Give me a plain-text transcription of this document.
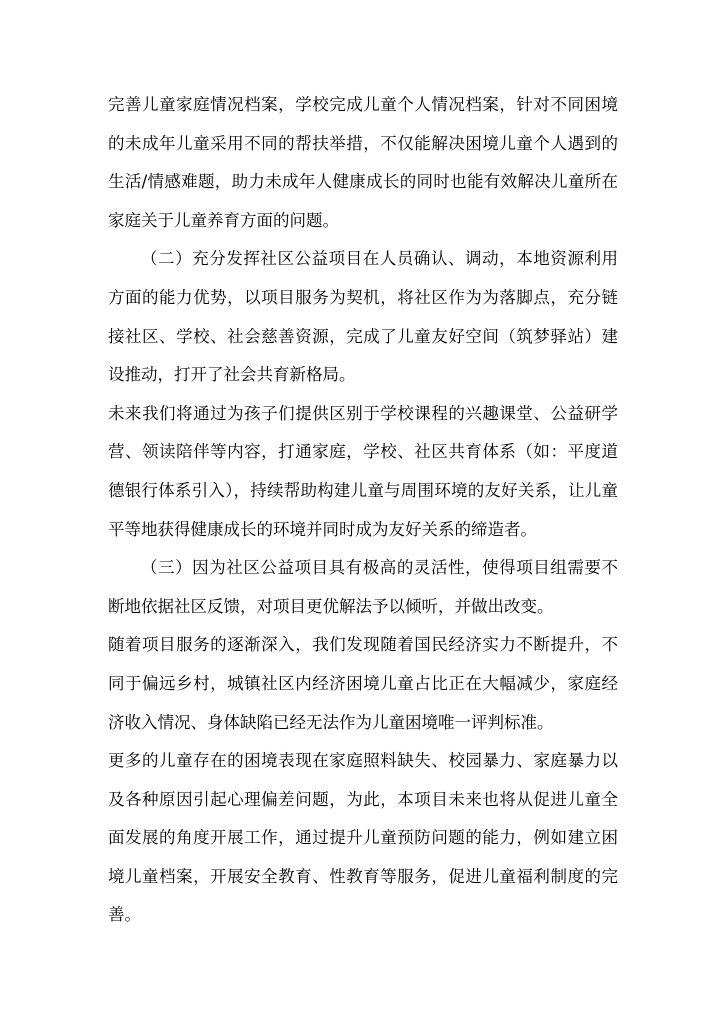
完善儿童家庭情况档案，学校完成儿童个人情况档案，针对不同困境的未成年儿童采用不同的帮扶举措，不仅能解决困境儿童个人遇到的生活/情感难题，助力未成年人健康成长的同时也能有效解决儿童所在家庭关于儿童养育方面的问题。

（二）充分发挥社区公益项目在人员确认、调动，本地资源利用方面的能力优势，以项目服务为契机，将社区作为为落脚点，充分链接社区、学校、社会慈善资源，完成了儿童友好空间（筑梦驿站）建设推动，打开了社会共育新格局。

未来我们将通过为孩子们提供区别于学校课程的兴趣课堂、公益研学营、领读陪伴等内容，打通家庭，学校、社区共育体系（如：平度道德银行体系引入），持续帮助构建儿童与周围环境的友好关系，让儿童平等地获得健康成长的环境并同时成为友好关系的缔造者。

（三）因为社区公益项目具有极高的灵活性，使得项目组需要不断地依据社区反馈，对项目更优解法予以倾听，并做出改变。

随着项目服务的逐渐深入，我们发现随着国民经济实力不断提升，不同于偏远乡村，城镇社区内经济困境儿童占比正在大幅减少，家庭经济收入情况、身体缺陷已经无法作为儿童困境唯一评判标准。

更多的儿童存在的困境表现在家庭照料缺失、校园暴力、家庭暴力以及各种原因引起心理偏差问题，为此，本项目未来也将从促进儿童全面发展的角度开展工作，通过提升儿童预防问题的能力，例如建立困境儿童档案，开展安全教育、性教育等服务，促进儿童福利制度的完善。
